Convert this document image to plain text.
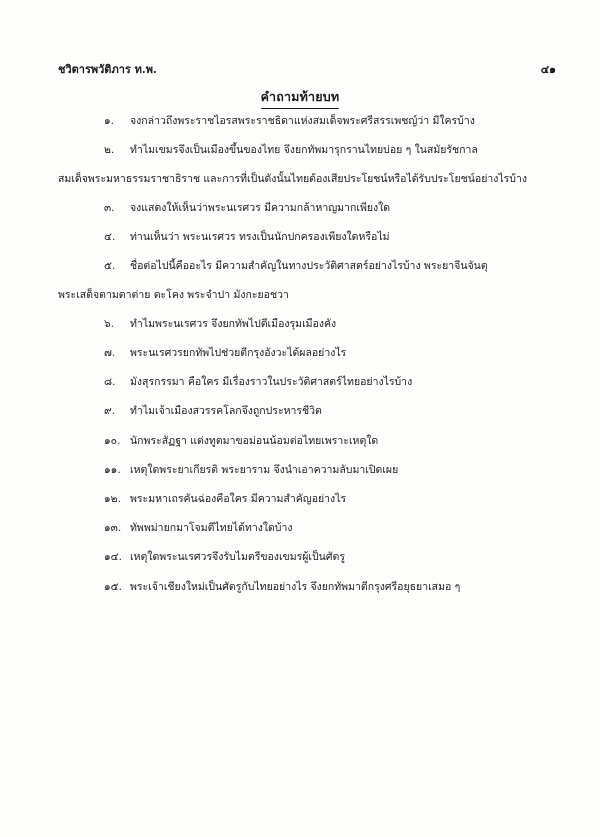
ชวิตารพวัติภาร ท.พ.	๔๑
คำถามท้ายบท
๑.	จงกล่าวถึงพระราชไอรสพระราชธิดาแห่งสมเด็จพระศรีสรรเพชญ์ว่า มีใครบ้าง
๒.	ทำไมเขมรจึงเป็นเมืองขึ้นของไทย จึงยกทัพมารุกรานไทยบ่อย ๆ ในสมัยรัชกาล
สมเด็จพระมหาธรรมราชาธิราช และการที่เป็นดังนั้นไทยต้องเสียประโยชน์หรือได้รับประโยชน์อย่างไรบ้าง
๓.	จงแสดงให้เห็นว่าพระนเรศวร มีความกล้าหาญมากเพียงใด
๔.	ท่านเห็นว่า พระนเรศวร ทรงเป็นนักปกครองเพียงใดหรือไม่
๕.	ชื่อต่อไปนี้คืออะไร มีความสำคัญในทางประวัติศาสตร์อย่างไรบ้าง พระยาจีนจันตุ
พระเสด็จตามตาต่าย ตะโคง พระจำปา มังกะยอชวา
๖.	ทำไมพระนเรศวร จึงยกทัพไปตีเมืองรุมเมืองคัง
๗.	พระนเรศวรยกทัพไปช่วยตีกรุงอังวะได้ผลอย่างไร
๘.	มังสุรกรรมา คือใคร มีเรื่องราวในประวัติศาสตร์ไทยอย่างไรบ้าง
๙.	ทำไมเจ้าเมืองสวรรคโลกจึงถูกประหารชีวิต
๑๐. นักพระสัฏฐา แต่งทูตมาขอม่อนน้อมต่อไทยเพราะเหตุใด
๑๑. เหตุใดพระยาเกียรติ พระยาราม จึงนำเอาความลับมาเปิดเผย
๑๒. พระมหาเถรคันฉ่องคือใคร มีความสำคัญอย่างไร
๑๓. ทัพพม่ายกมาโจมตีไทยได้ทางใดบ้าง
๑๔. เหตุใดพระนเรศวรจึงรับไมตรีของเขมรผู้เป็นศัตรู
๑๕. พระเจ้าเชียงใหม่เป็นศัตรูกับไทยอย่างไร จึงยกทัพมาตีกรุงศรีอยุธยาเสมอ ๆ
